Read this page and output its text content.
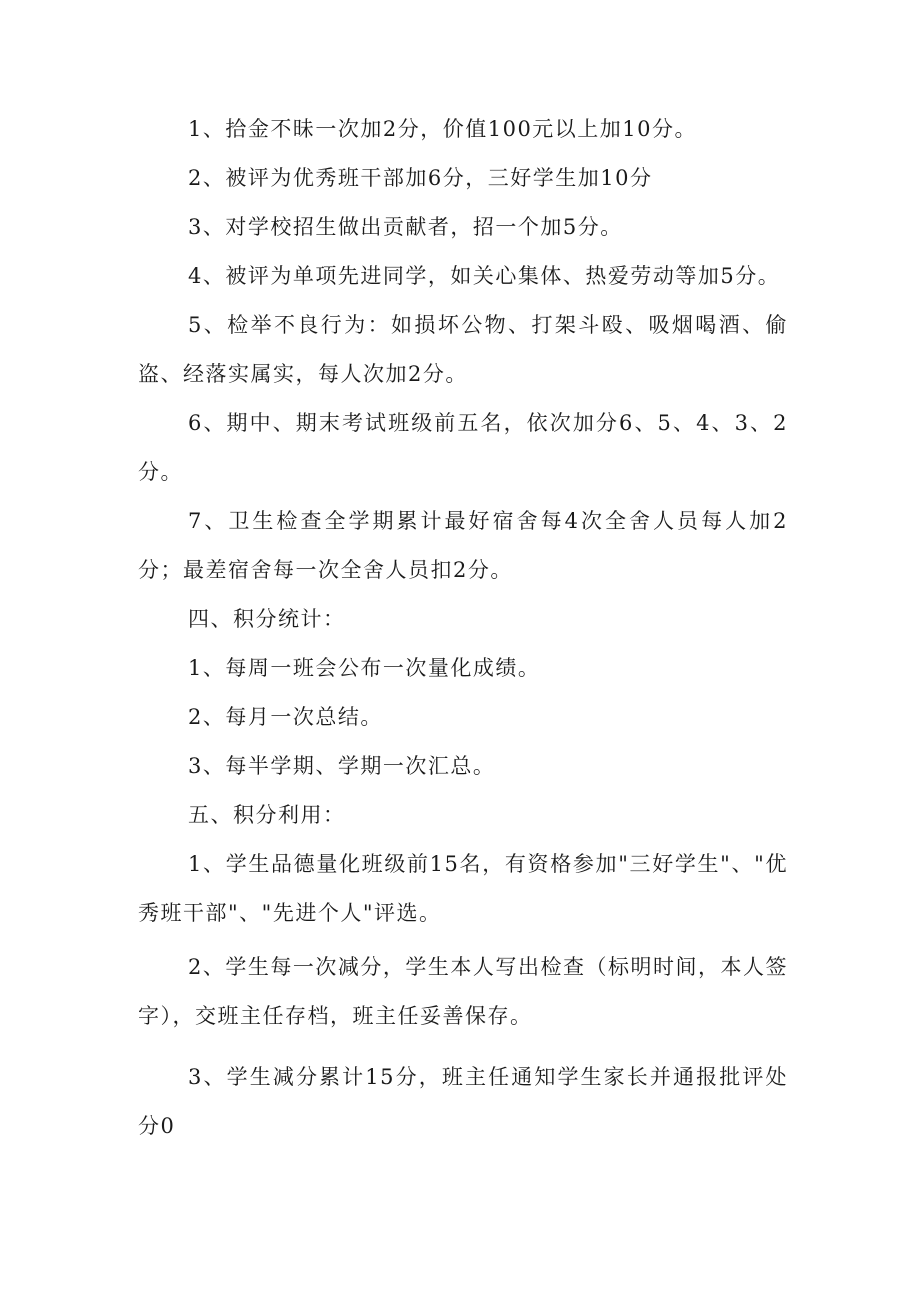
1、拾金不昧一次加2分，价值100元以上加10分。

2、被评为优秀班干部加6分，三好学生加10分

3、对学校招生做出贡献者，招一个加5分。

4、被评为单项先进同学，如关心集体、热爱劳动等加5分。

5、检举不良行为：如损坏公物、打架斗殴、吸烟喝酒、偷盗、经落实属实，每人次加2分。

6、期中、期末考试班级前五名，依次加分6、5、4、3、2分。

7、卫生检查全学期累计最好宿舍每4次全舍人员每人加2分；最差宿舍每一次全舍人员扣2分。

四、积分统计：

1、每周一班会公布一次量化成绩。

2、每月一次总结。

3、每半学期、学期一次汇总。

五、积分利用：

1、学生品德量化班级前15名，有资格参加"三好学生"、"优秀班干部"、"先进个人"评选。

2、学生每一次减分，学生本人写出检查（标明时间，本人签字），交班主任存档，班主任妥善保存。

3、学生减分累计15分，班主任通知学生家长并通报批评处分0
